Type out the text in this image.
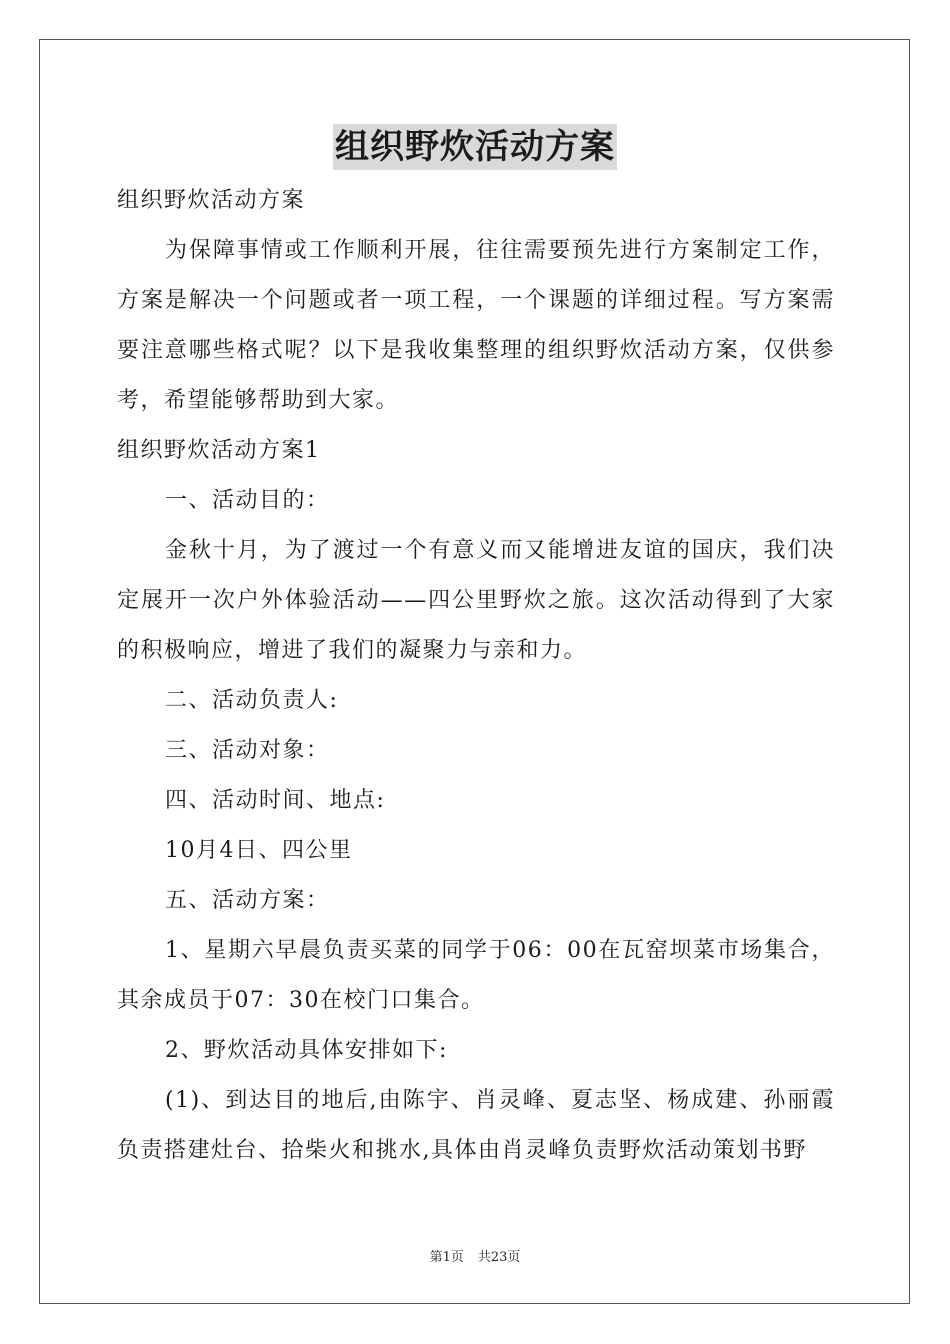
组织野炊活动方案

组织野炊活动方案

为保障事情或工作顺利开展，往往需要预先进行方案制定工作，方案是解决一个问题或者一项工程，一个课题的详细过程。写方案需要注意哪些格式呢？以下是我收集整理的组织野炊活动方案，仅供参考，希望能够帮助到大家。

组织野炊活动方案1

一、活动目的：

金秋十月，为了渡过一个有意义而又能增进友谊的国庆，我们决定展开一次户外体验活动——四公里野炊之旅。这次活动得到了大家的积极响应，增进了我们的凝聚力与亲和力。

二、活动负责人:

三、活动对象：

四、活动时间、地点:

10月4日、四公里

五、活动方案：

1、星期六早晨负责买菜的同学于06：00在瓦窑坝菜市场集合，其余成员于07：30在校门口集合。

2、野炊活动具体安排如下:

(1)、到达目的地后,由陈宇、肖灵峰、夏志坚、杨成建、孙丽霞负责搭建灶台、拾柴火和挑水,具体由肖灵峰负责野炊活动策划书野

第1页 共23页
